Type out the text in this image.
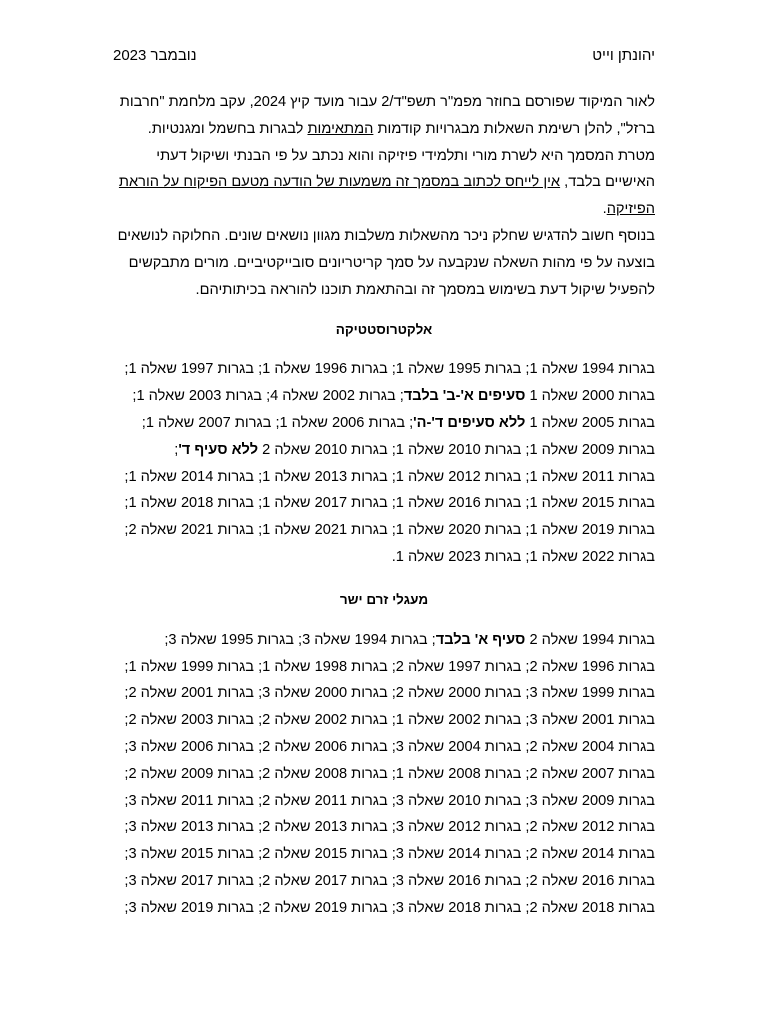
יהונתן וייט
נובמבר 2023

לאור המיקוד שפורסם בחוזר מפמ"ר תשפ"ד/2 עבור מועד קיץ 2024, עקב מלחמת "חרבות ברזל", להלן רשימת השאלות מבגרויות קודמות המתאימות לבגרות בחשמל ומגנטיות.

מטרת המסמך היא לשרת מורי ותלמידי פיזיקה והוא נכתב על פי הבנתי ושיקול דעתי האישיים בלבד, אין לייחס לכתוב במסמך זה משמעות של הודעה מטעם הפיקוח על הוראת הפיזיקה.

בנוסף חשוב להדגיש שחלק ניכר מהשאלות משלבות מגוון נושאים שונים. החלוקה לנושאים בוצעה על פי מהות השאלה שנקבעה על סמך קריטריונים סובייקטיביים. מורים מתבקשים להפעיל שיקול דעת בשימוש במסמך זה ובהתאמת תוכנו להוראה בכיתותיהם.

אלקטרוסטטיקה

בגרות 1994 שאלה 1; בגרות 1995 שאלה 1; בגרות 1996 שאלה 1; בגרות 1997 שאלה 1;
בגרות 2000 שאלה 1 סעיפים א'-ב' בלבד; בגרות 2002 שאלה 4; בגרות 2003 שאלה 1;
בגרות 2005 שאלה 1 ללא סעיפים ד'-ה'; בגרות 2006 שאלה 1; בגרות 2007 שאלה 1;
בגרות 2009 שאלה 1; בגרות 2010 שאלה 1; בגרות 2010 שאלה 2 ללא סעיף ד';
בגרות 2011 שאלה 1; בגרות 2012 שאלה 1; בגרות 2013 שאלה 1; בגרות 2014 שאלה 1;
בגרות 2015 שאלה 1; בגרות 2016 שאלה 1; בגרות 2017 שאלה 1; בגרות 2018 שאלה 1;
בגרות 2019 שאלה 1; בגרות 2020 שאלה 1; בגרות 2021 שאלה 1; בגרות 2021 שאלה 2;
בגרות 2022 שאלה 1; בגרות 2023 שאלה 1.

מעגלי זרם ישר

בגרות 1994 שאלה 2 סעיף א' בלבד; בגרות 1994 שאלה 3; בגרות 1995 שאלה 3;
בגרות 1996 שאלה 2; בגרות 1997 שאלה 2; בגרות 1998 שאלה 1; בגרות 1999 שאלה 1;
בגרות 1999 שאלה 3; בגרות 2000 שאלה 2; בגרות 2000 שאלה 3; בגרות 2001 שאלה 2;
בגרות 2001 שאלה 3; בגרות 2002 שאלה 1; בגרות 2002 שאלה 2; בגרות 2003 שאלה 2;
בגרות 2004 שאלה 2; בגרות 2004 שאלה 3; בגרות 2006 שאלה 2; בגרות 2006 שאלה 3;
בגרות 2007 שאלה 2; בגרות 2008 שאלה 1; בגרות 2008 שאלה 2; בגרות 2009 שאלה 2;
בגרות 2009 שאלה 3; בגרות 2010 שאלה 3; בגרות 2011 שאלה 2; בגרות 2011 שאלה 3;
בגרות 2012 שאלה 2; בגרות 2012 שאלה 3; בגרות 2013 שאלה 2; בגרות 2013 שאלה 3;
בגרות 2014 שאלה 2; בגרות 2014 שאלה 3; בגרות 2015 שאלה 2; בגרות 2015 שאלה 3;
בגרות 2016 שאלה 2; בגרות 2016 שאלה 3; בגרות 2017 שאלה 2; בגרות 2017 שאלה 3;
בגרות 2018 שאלה 2; בגרות 2018 שאלה 3; בגרות 2019 שאלה 2; בגרות 2019 שאלה 3;
